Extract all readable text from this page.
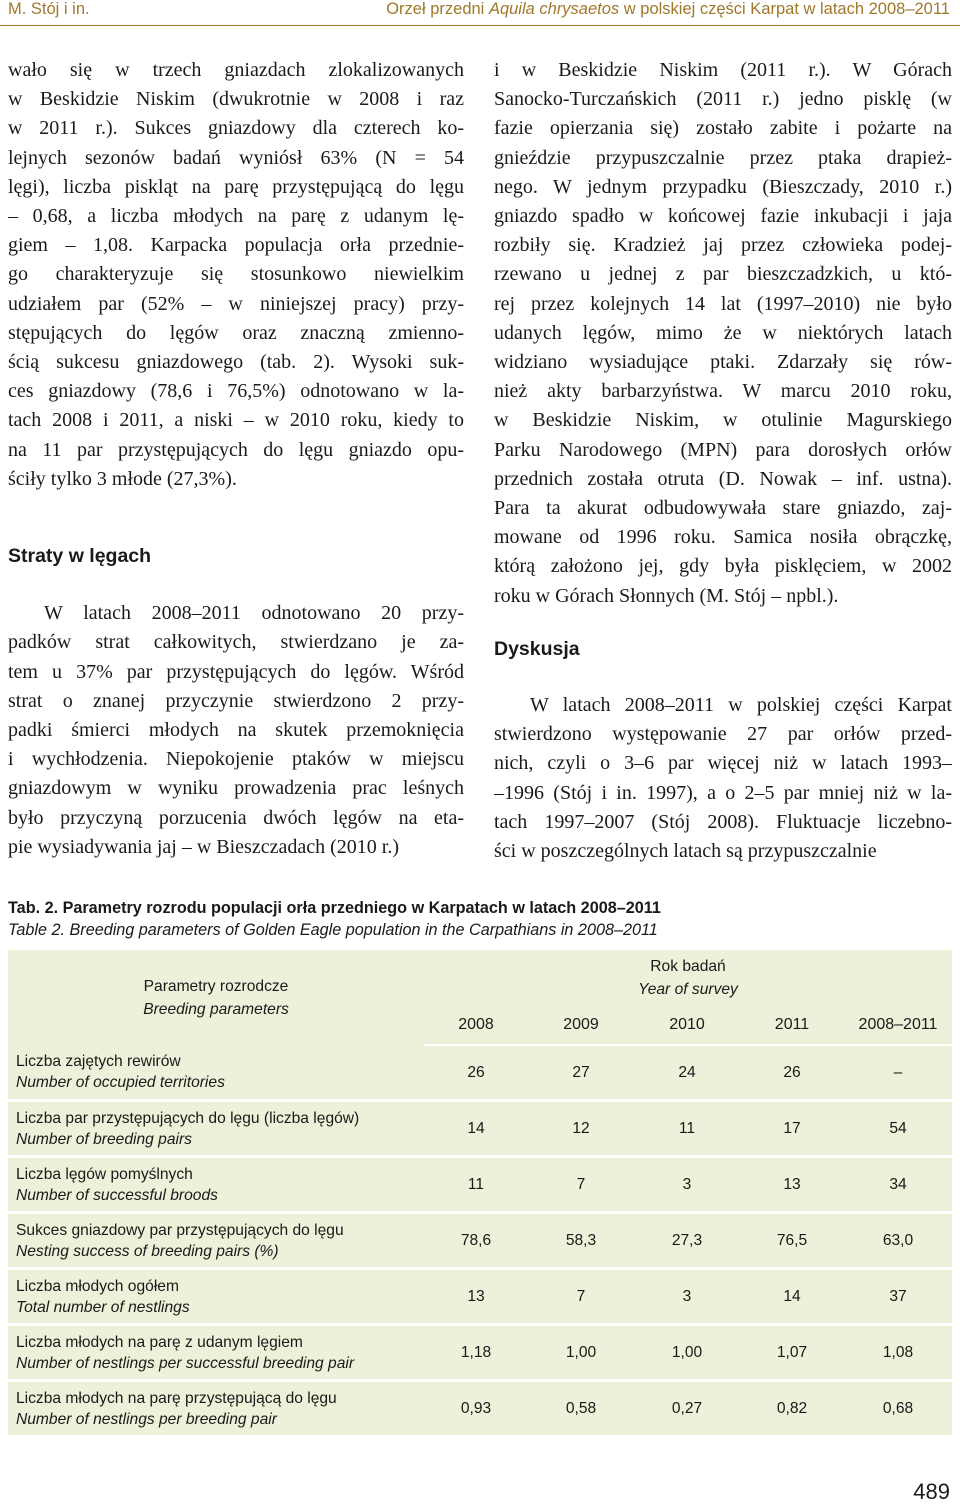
M. Stój i in.	Orzeł przedni Aquila chrysaetos w polskiej części Karpat w latach 2008–2011
wało się w trzech gniazdach zlokalizowanych
w Beskidzie Niskim (dwukrotnie w 2008 i raz
w 2011 r.). Sukces gniazdowy dla czterech ko-
lejnych sezonów badań wyniósł 63% (N = 54
lęgi), liczba piskląt na parę przystępującą do lęgu
– 0,68, a liczba młodych na parę z udanym lę-
giem – 1,08. Karpacka populacja orła przednie-
go charakteryzuje się stosunkowo niewielkim
udziałem par (52% – w niniejszej pracy) przy-
stępujących do lęgów oraz znaczną zmienno-
ścią sukcesu gniazdowego (tab. 2). Wysoki suk-
ces gniazdowy (78,6 i 76,5%) odnotowano w la-
tach 2008 i 2011, a niski – w 2010 roku, kiedy to
na 11 par przystępujących do lęgu gniazdo opu-
ściły tylko 3 młode (27,3%).
Straty w lęgach
W latach 2008–2011 odnotowano 20 przy-
padków strat całkowitych, stwierdzano je za-
tem u 37% par przystępujących do lęgów. Wśród
strat o znanej przyczynie stwierdzono 2 przy-
padki śmierci młodych na skutek przemoknięcia
i wychłodzenia. Niepokojenie ptaków w miejscu
gniazdowym w wyniku prowadzenia prac leśnych
było przyczyną porzucenia dwóch lęgów na eta-
pie wysiadywania jaj – w Bieszczadach (2010 r.)
i w Beskidzie Niskim (2011 r.). W Górach
Sanocko-Turczańskich (2011 r.) jedno pisklę (w
fazie opierzania się) zostało zabite i pożarte na
gnieździe przypuszczalnie przez ptaka drapież-
nego. W jednym przypadku (Bieszczady, 2010 r.)
gniazdo spadło w końcowej fazie inkubacji i jaja
rozbiły się. Kradzież jaj przez człowieka podej-
rzewano u jednej z par bieszczadzkich, u któ-
rej przez kolejnych 14 lat (1997–2010) nie było
udanych lęgów, mimo że w niektórych latach
widziano wysiadujące ptaki. Zdarzały się rów-
nież akty barbarzyństwa. W marcu 2010 roku,
w Beskidzie Niskim, w otulinie Magurskiego
Parku Narodowego (MPN) para dorosłych orłów
przednich została otruta (D. Nowak – inf. ustna).
Para ta akurat odbudowywała stare gniazdo, zaj-
mowane od 1996 roku. Samica nosiła obrączkę,
którą założono jej, gdy była pisklęciem, w 2002
roku w Górach Słonnych (M. Stój – npbl.).
Dyskusja
W latach 2008–2011 w polskiej części Karpat
stwierdzono występowanie 27 par orłów przed-
nich, czyli o 3–6 par więcej niż w latach 1993–
–1996 (Stój i in. 1997), a o 2–5 par mniej niż w la-
tach 1997–2007 (Stój 2008). Fluktuacje liczebno-
ści w poszczególnych latach są przypuszczalnie
Tab. 2. Parametry rozrodu populacji orła przedniego w Karpatach w latach 2008–2011
Table 2. Breeding parameters of Golden Eagle population in the Carpathians in 2008–2011
Parametry rozrodcze
Breeding parameters	Rok badań
Year of survey				

	2008	2009	2010	2011	2008–2011

Liczba zajętych rewirów
Number of occupied territories	26	27	24	26	–

Liczba par przystępujących do lęgu (liczba lęgów)
Number of breeding pairs	14	12	11	17	54

Liczba lęgów pomyślnych
Number of successful broods	11	7	3	13	34

Sukces gniazdowy par przystępujących do lęgu
Nesting success of breeding pairs (%)	78,6	58,3	27,3	76,5	63,0

Liczba młodych ogółem
Total number of nestlings	13	7	3	14	37

Liczba młodych na parę z udanym lęgiem
Number of nestlings per successful breeding pair	1,18	1,00	1,00	1,07	1,08

Liczba młodych na parę przystępującą do lęgu
Number of nestlings per breeding pair	0,93	0,58	0,27	0,82	0,68
489
